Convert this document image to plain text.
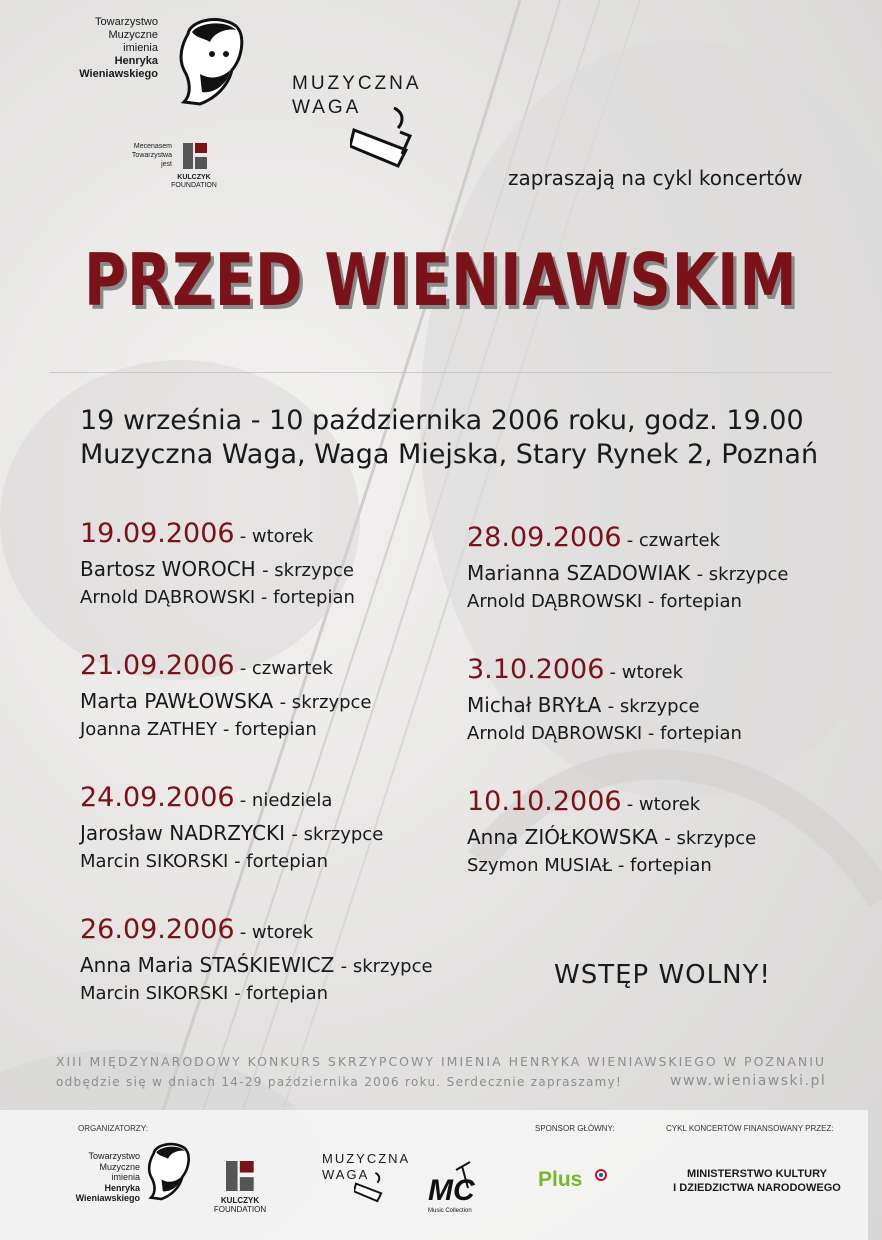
Towarzystwo
Muzyczne
imienia
Henryka
Wieniawskiego	MUZYCZNA
WAGA
Mecenasem
Towarzystwa
jest
KULCZYK
FOUNDATION	zapraszają na cykl koncertów
PRZED WIENIAWSKIM
19 września - 10 października 2006 roku, godz. 19.00
Muzyczna Waga, Waga Miejska, Stary Rynek 2, Poznań
19.09.2006 - wtorek
Bartosz WOROCH - skrzypce
Arnold DĄBROWSKI - fortepian
21.09.2006 - czwartek
Marta PAWŁOWSKA - skrzypce
Joanna ZATHEY - fortepian
24.09.2006 - niedziela
Jarosław NADRZYCKI - skrzypce
Marcin SIKORSKI - fortepian
26.09.2006 - wtorek
Anna Maria STAŚKIEWICZ - skrzypce
Marcin SIKORSKI - fortepian
28.09.2006 - czwartek
Marianna SZADOWIAK - skrzypce
Arnold DĄBROWSKI - fortepian
3.10.2006 - wtorek
Michał BRYŁA - skrzypce
Arnold DĄBROWSKI - fortepian
10.10.2006 - wtorek
Anna ZIÓŁKOWSKA - skrzypce
Szymon MUSIAŁ - fortepian
WSTĘP WOLNY!
XIII MIĘDZYNARODOWY KONKURS SKRZYPCOWY IMIENIA HENRYKA WIENIAWSKIEGO W POZNANIU
odbędzie się w dniach 14-29 października 2006 roku. Serdecznie zapraszamy!	www.wieniawski.pl
ORGANIZATORZY:	SPONSOR GŁÓWNY:	CYKL KONCERTÓW FINANSOWANY PRZEZ:
Towarzystwo
Muzyczne
imienia
Henryka
Wieniawskiego	KULCZYK
FOUNDATION
MUZYCZNA
WAGA	MC
Music Collection
Plus	MINISTERSTWO KULTURY
I DZIEDZICTWA NARODOWEGO
